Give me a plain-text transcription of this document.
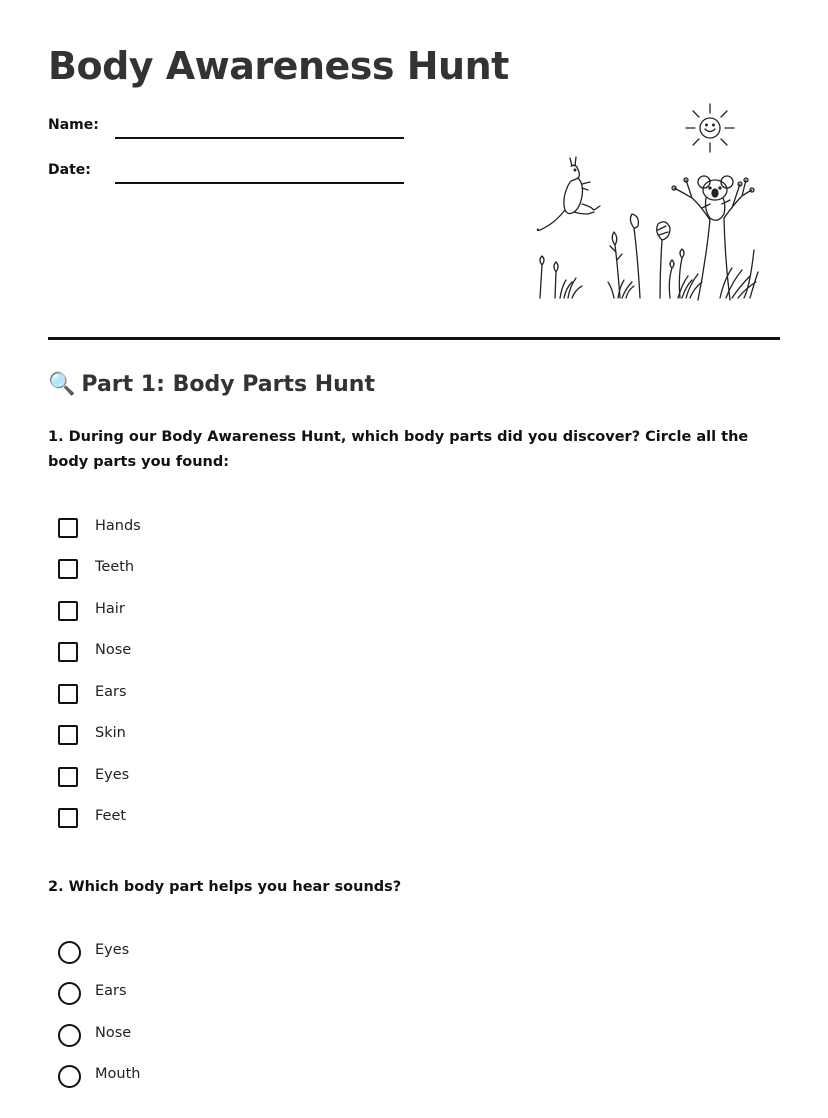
Body Awareness Hunt
Name:
Date:
🔍 Part 1: Body Parts Hunt

1. During our Body Awareness Hunt, which body parts did you discover? Circle all the body parts you found:

Hands
Teeth
Hair
Nose
Ears
Skin
Eyes
Feet

2. Which body part helps you hear sounds?

Eyes
Ears
Nose
Mouth
